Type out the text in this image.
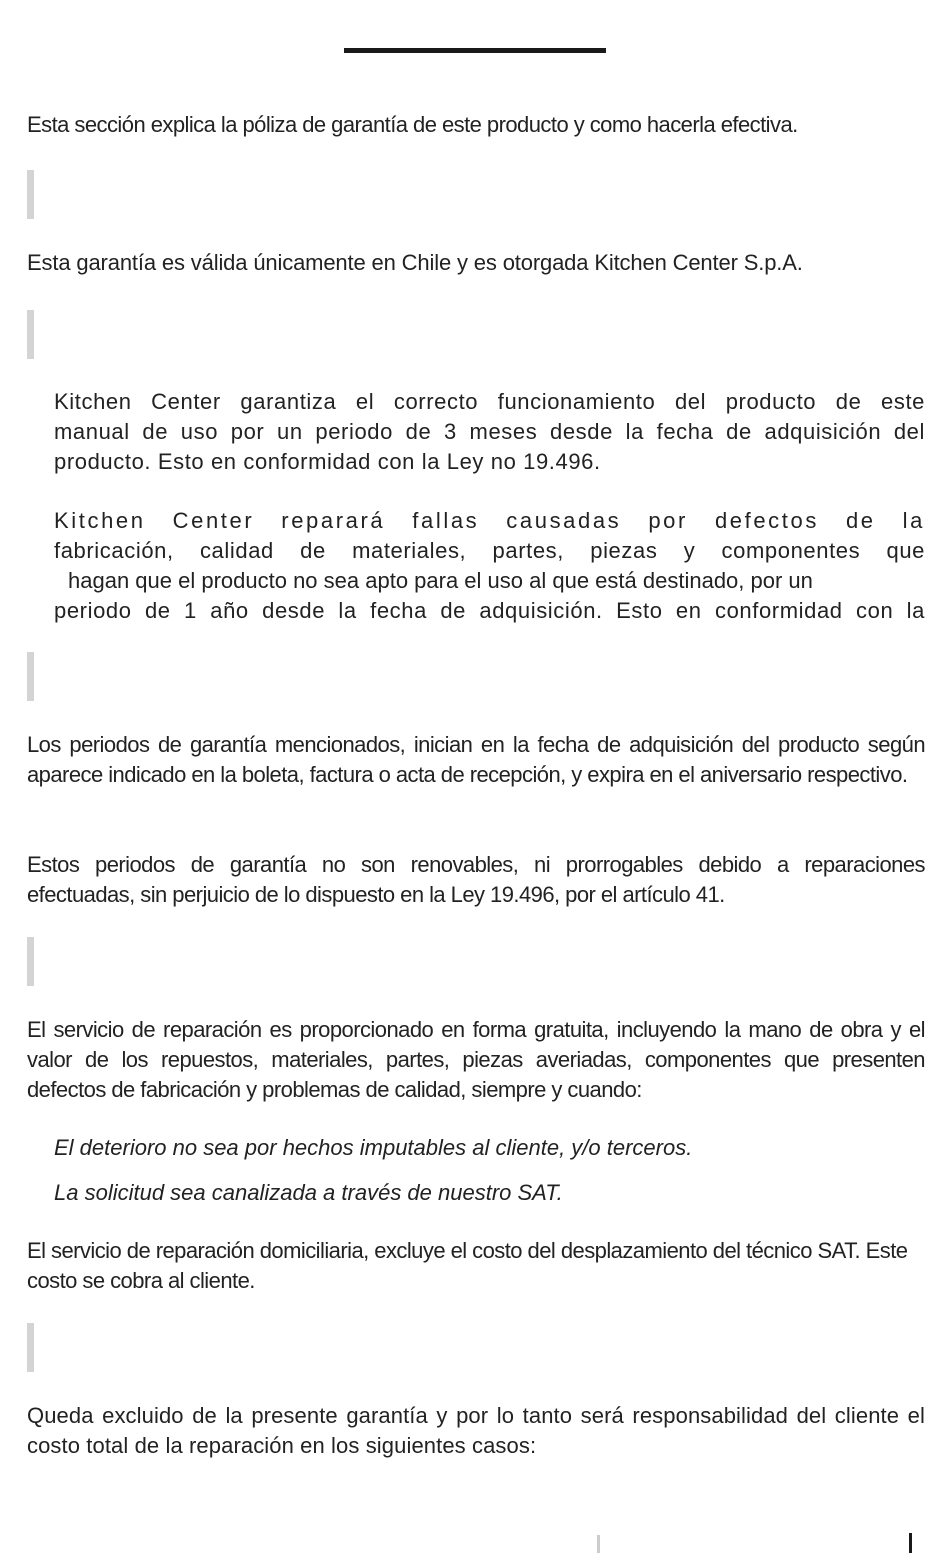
Esta sección explica la póliza de garantía de este producto y como hacerla efectiva.

Esta garantía es válida únicamente en Chile y es otorgada Kitchen Center S.p.A.

Kitchen Center garantiza el correcto funcionamiento del producto de este
manual de uso por un periodo de 3 meses desde la fecha de adquisición del
producto. Esto en conformidad con la Ley no 19.496.
Kitchen Center reparará fallas causadas por defectos de la
fabricación, calidad de materiales, partes, piezas y componentes que
hagan que el producto no sea apto para el uso al que está destinado, por un
periodo de 1 año desde la fecha de adquisición. Esto en conformidad con la

Los periodos de garantía mencionados, inician en la fecha de adquisición del producto según aparece indicado en la boleta, factura o acta de recepción, y expira en el aniversario respectivo.

Estos periodos de garantía no son renovables, ni prorrogables debido a reparaciones efectuadas, sin perjuicio de lo dispuesto en la Ley 19.496, por el artículo 41.

El servicio de reparación es proporcionado en forma gratuita, incluyendo la mano de obra y el valor de los repuestos, materiales, partes, piezas averiadas, componentes que presenten defectos de fabricación y problemas de calidad, siempre y cuando:

El deterioro no sea por hechos imputables al cliente, y/o terceros.

La solicitud sea canalizada a través de nuestro SAT.

El servicio de reparación domiciliaria, excluye el costo del desplazamiento del técnico SAT. Este costo se cobra al cliente.

Queda excluido de la presente garantía y por lo tanto será responsabilidad del cliente el costo total de la reparación en los siguientes casos:
